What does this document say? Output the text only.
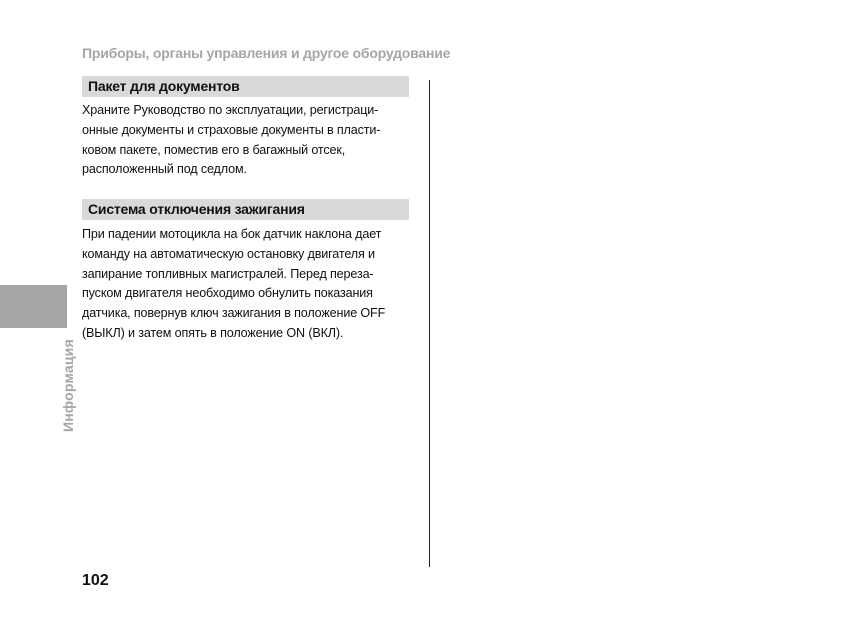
Приборы, органы управления и другое оборудование
Пакет для документов
Храните Руководство по эксплуатации, регистраци-
онные документы и страховые документы в пласти-
ковом пакете, поместив его в багажный отсек,
расположенный под седлом.
Система отключения зажигания
При падении мотоцикла на бок датчик наклона дает
команду на автоматическую остановку двигателя и
запирание топливных магистралей. Перед переза-
пуском двигателя необходимо обнулить показания
датчика, повернув ключ зажигания в положение OFF
(ВЫКЛ) и затем опять в положение ON (ВКЛ).
Информация
102
